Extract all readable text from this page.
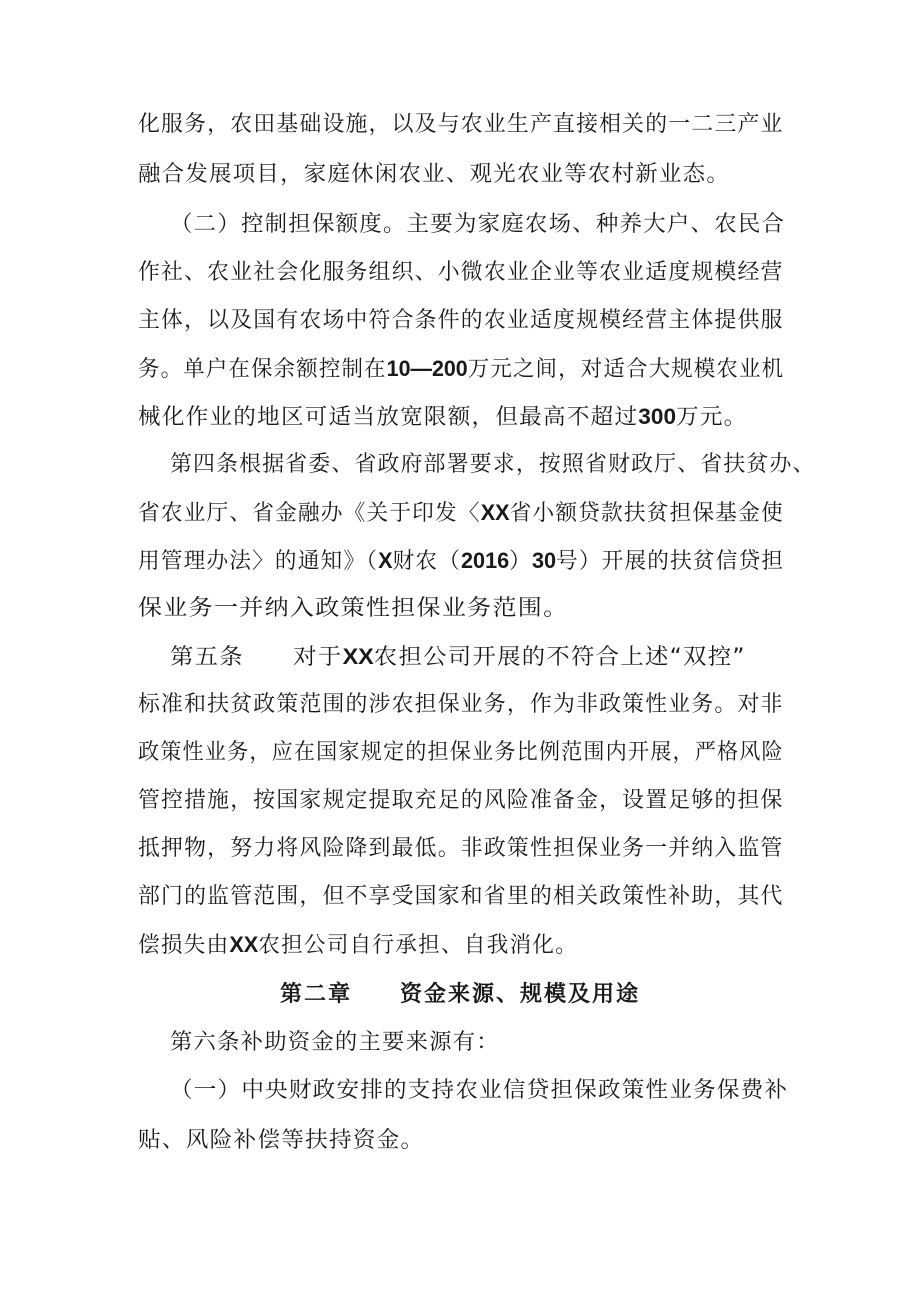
化服务，农田基础设施，以及与农业生产直接相关的一二三产业
融合发展项目，家庭休闲农业、观光农业等农村新业态。
（二）控制担保额度。主要为家庭农场、种养大户、农民合
作社、农业社会化服务组织、小微农业企业等农业适度规模经营
主体，以及国有农场中符合条件的农业适度规模经营主体提供服
务。单户在保余额控制在10—200万元之间，对适合大规模农业机
械化作业的地区可适当放宽限额，但最高不超过300万元。
第四条根据省委、省政府部署要求，按照省财政厅、省扶贫办、
省农业厅、省金融办《关于印发〈XX省小额贷款扶贫担保基金使
用管理办法〉的通知》（X财农（2016）30号）开展的扶贫信贷担
保业务一并纳入政策性担保业务范围。
第五条　　对于XX农担公司开展的不符合上述“双控”
标准和扶贫政策范围的涉农担保业务，作为非政策性业务。对非
政策性业务，应在国家规定的担保业务比例范围内开展，严格风险
管控措施，按国家规定提取充足的风险准备金，设置足够的担保
抵押物，努力将风险降到最低。非政策性担保业务一并纳入监管
部门的监管范围，但不享受国家和省里的相关政策性补助，其代
偿损失由XX农担公司自行承担、自我消化。
第二章　　资金来源、规模及用途
第六条补助资金的主要来源有：
（一）中央财政安排的支持农业信贷担保政策性业务保费补
贴、风险补偿等扶持资金。
